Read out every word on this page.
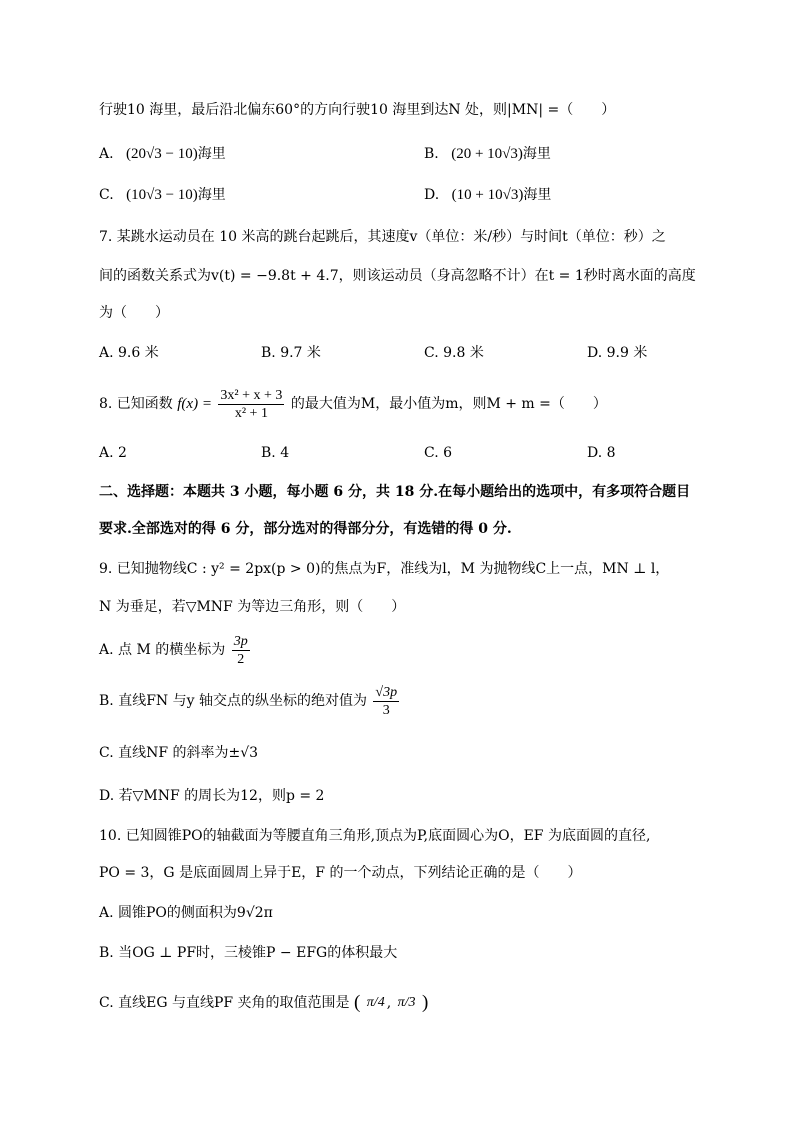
行驶10 海里，最后沿北偏东60°的方向行驶10 海里到达N 处，则|MN| =（　　）
A. (20√3 − 10)海里	B. (20 + 10√3)海里
C. (10√3 − 10)海里	D. (10 + 10√3)海里
7. 某跳水运动员在 10 米高的跳台起跳后，其速度v（单位：米/秒）与时间t（单位：秒）之
间的函数关系式为v(t) = −9.8t + 4.7，则该运动员（身高忽略不计）在t = 1秒时离水面的高度
为（　　）
A. 9.6 米	B. 9.7 米	C. 9.8 米	D. 9.9 米
8. 已知函数 $f(x) = \frac{\text{3x² + x + 3}}{\text{x² + 1}}$ 的最大值为M，最小值为m，则M + m =（　　）
A. 2	B. 4	C. 6	D. 8
二、选择题：本题共 3 小题，每小题 6 分，共 18 分.在每小题给出的选项中，有多项符合题目
要求.全部选对的得 6 分，部分选对的得部分分，有选错的得 0 分.
9. 已知抛物线C : y² = 2px(p > 0)的焦点为F，准线为l，M 为抛物线C上一点，MN ⊥ l，
N 为垂足，若▽MNF 为等边三角形，则（　　）
A. 点 M 的横坐标为 $\frac{3p}{2}$
B. 直线FN 与y 轴交点的纵坐标的绝对值为 $\frac{√3p}{3}$
C. 直线NF 的斜率为±√3
D. 若▽MNF 的周长为12，则p = 2
10. 已知圆锥PO的轴截面为等腰直角三角形,顶点为P,底面圆心为O，EF 为底面圆的直径,
PO = 3，G 是底面圆周上异于E，F 的一个动点，下列结论正确的是（　　）
A. 圆锥PO的侧面积为9√2π
B. 当OG ⊥ PF时，三棱锥P − EFG的体积最大
C. 直线EG 与直线PF 夹角的取值范围是 ( π/4 , π/3 )
